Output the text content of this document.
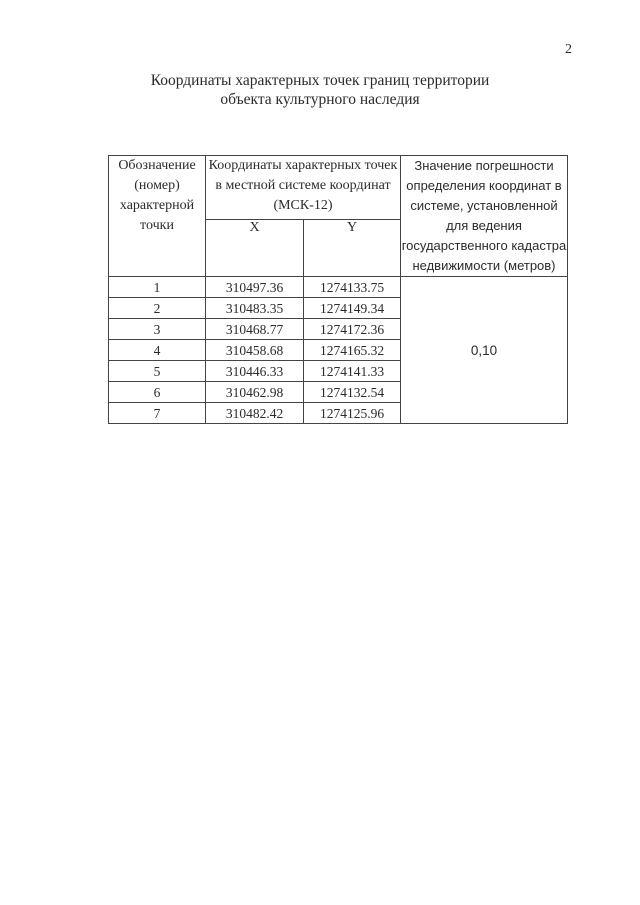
2
Координаты характерных точек границ территории
объекта культурного наследия
Обозначение (номер) характерной точки	Координаты характерных точек в местной системе координат (МСК-12)		Значение погрешности определения координат в системе, установленной для ведения государственного кадастра недвижимости (метров)
	X	Y	
1	310497.36	1274133.75	0,10
2	310483.35	1274149.34	
3	310468.77	1274172.36	
4	310458.68	1274165.32	
5	310446.33	1274141.33	
6	310462.98	1274132.54	
7	310482.42	1274125.96	
